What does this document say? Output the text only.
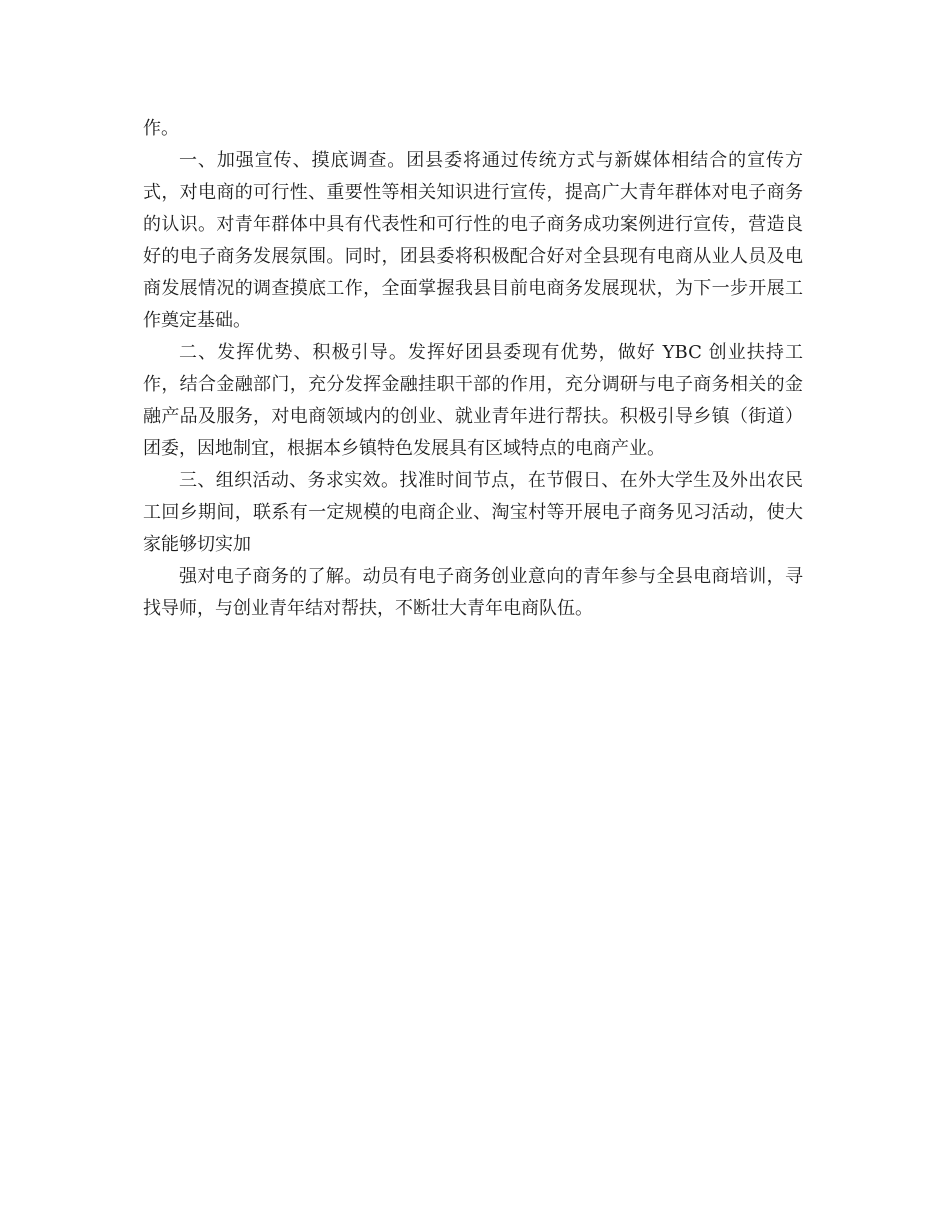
作。

一、加强宣传、摸底调查。团县委将通过传统方式与新媒体相结合的宣传方式，对电商的可行性、重要性等相关知识进行宣传，提高广大青年群体对电子商务的认识。对青年群体中具有代表性和可行性的电子商务成功案例进行宣传，营造良好的电子商务发展氛围。同时，团县委将积极配合好对全县现有电商从业人员及电商发展情况的调查摸底工作，全面掌握我县目前电商务发展现状，为下一步开展工作奠定基础。

二、发挥优势、积极引导。发挥好团县委现有优势，做好 YBC 创业扶持工作，结合金融部门，充分发挥金融挂职干部的作用，充分调研与电子商务相关的金融产品及服务，对电商领域内的创业、就业青年进行帮扶。积极引导乡镇（街道）团委，因地制宜，根据本乡镇特色发展具有区域特点的电商产业。

三、组织活动、务求实效。找准时间节点，在节假日、在外大学生及外出农民工回乡期间，联系有一定规模的电商企业、淘宝村等开展电子商务见习活动，使大家能够切实加

强对电子商务的了解。动员有电子商务创业意向的青年参与全县电商培训，寻找导师，与创业青年结对帮扶，不断壮大青年电商队伍。
